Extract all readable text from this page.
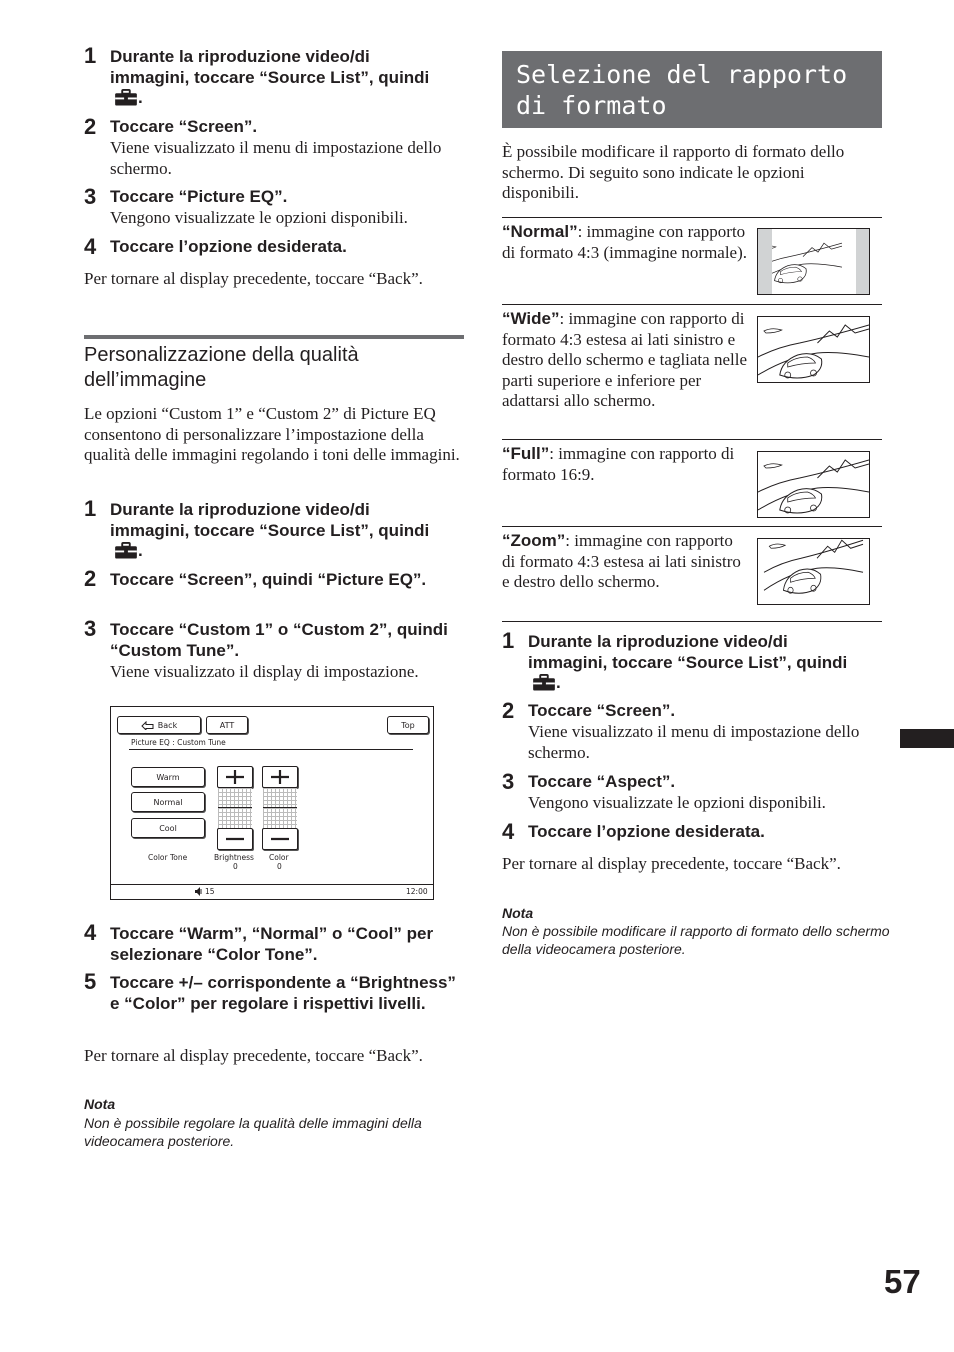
1 Durante la riproduzione video/di immagini, toccare “Source List”, quindi.
2 Toccare “Screen”.
Viene visualizzato il menu di impostazione dello schermo.
3 Toccare “Picture EQ”.
Vengono visualizzate le opzioni disponibili.
4 Toccare l’opzione desiderata.
Per tornare al display precedente, toccare “Back”.
Personalizzazione della qualità dell’immagine
Le opzioni “Custom 1” e “Custom 2” di Picture EQ consentono di personalizzare l’impostazione della qualità delle immagini regolando i toni delle immagini.
1 Durante la riproduzione video/di immagini, toccare “Source List”, quindi.
2 Toccare “Screen”, quindi “Picture EQ”.
3 Toccare “Custom 1” o “Custom 2”, quindi “Custom Tune”.
Viene visualizzato il display di impostazione.
Back	ATT	Top
Picture EQ : Custom Tune
Warm
Normal
Cool
Color Tone	Brightness
0
Color
0
15	12:00
4 Toccare “Warm”, “Normal” o “Cool” per selezionare “Color Tone”.
5 Toccare +/– corrispondente a “Brightness” e “Color” per regolare i rispettivi livelli.
Per tornare al display precedente, toccare “Back”.
Nota
Non è possibile regolare la qualità delle immagini della videocamera posteriore.
Selezione del rapporto di formato
È possibile modificare il rapporto di formato dello schermo. Di seguito sono indicate le opzioni disponibili.
“Normal”: immagine con rapporto di formato 4:3 (immagine normale).
“Wide”: immagine con rapporto di formato 4:3 estesa ai lati sinistro e destro dello schermo e tagliata nelle parti superiore e inferiore per adattarsi allo schermo.
“Full”: immagine con rapporto di formato 16:9.
“Zoom”: immagine con rapporto di formato 4:3 estesa ai lati sinistro e destro dello schermo.
1 Durante la riproduzione video/di immagini, toccare “Source List”, quindi.
2 Toccare “Screen”.
Viene visualizzato il menu di impostazione dello schermo.
3 Toccare “Aspect”.
Vengono visualizzate le opzioni disponibili.
4 Toccare l’opzione desiderata.
Per tornare al display precedente, toccare “Back”.
Nota
Non è possibile modificare il rapporto di formato dello schermo della videocamera posteriore.
57
